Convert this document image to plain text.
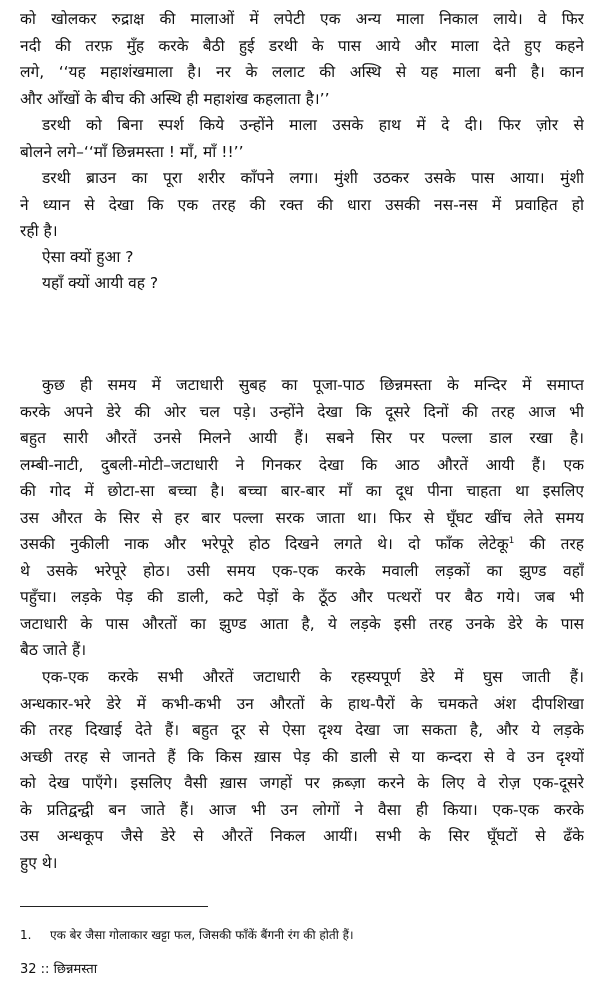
को खोलकर रुद्राक्ष की मालाओं में लपेटी एक अन्य माला निकाल लाये। वे फिर
नदी की तरफ़ मुँह करके बैठी हुई डरथी के पास आये और माला देते हुए कहने
लगे, ‘‘यह महाशंखमाला है। नर के ललाट की अस्थि से यह माला बनी है। कान
और आँखों के बीच की अस्थि ही महाशंख कहलाता है।’’
डरथी को बिना स्पर्श किये उन्होंने माला उसके हाथ में दे दी। फिर ज़ोर से
बोलने लगे–‘‘माँ छिन्नमस्ता ! माँ, माँ !!’’
डरथी ब्राउन का पूरा शरीर काँपने लगा। मुंशी उठकर उसके पास आया। मुंशी
ने ध्यान से देखा कि एक तरह की रक्त की धारा उसकी नस-नस में प्रवाहित हो
रही है।
ऐसा क्यों हुआ ?
यहाँ क्यों आयी वह ?
कुछ ही समय में जटाधारी सुबह का पूजा-पाठ छिन्नमस्ता के मन्दिर में समाप्त
करके अपने डेरे की ओर चल पड़े। उन्होंने देखा कि दूसरे दिनों की तरह आज भी
बहुत सारी औरतें उनसे मिलने आयी हैं। सबने सिर पर पल्ला डाल रखा है।
लम्बी-नाटी, दुबली-मोटी–जटाधारी ने गिनकर देखा कि आठ औरतें आयी हैं। एक
की गोद में छोटा-सा बच्चा है। बच्चा बार-बार माँ का दूध पीना चाहता था इसलिए
उस औरत के सिर से हर बार पल्ला सरक जाता था। फिर से घूँघट खींच लेते समय
उसकी नुकीली नाक और भरेपूरे होठ दिखने लगते थे। दो फाँक लेटेकू$^1$ की तरह
थे उसके भरेपूरे होठ। उसी समय एक-एक करके मवाली लड़कों का झुण्ड वहाँ
पहुँचा। लड़के पेड़ की डाली, कटे पेड़ों के ठूँठ और पत्थरों पर बैठ गये। जब भी
जटाधारी के पास औरतों का झुण्ड आता है, ये लड़के इसी तरह उनके डेरे के पास
बैठ जाते हैं।
एक-एक करके सभी औरतें जटाधारी के रहस्यपूर्ण डेरे में घुस जाती हैं।
अन्धकार-भरे डेरे में कभी-कभी उन औरतों के हाथ-पैरों के चमकते अंश दीपशिखा
की तरह दिखाई देते हैं। बहुत दूर से ऐसा दृश्य देखा जा सकता है, और ये लड़के
अच्छी तरह से जानते हैं कि किस ख़ास पेड़ की डाली से या कन्दरा से वे उन दृश्यों
को देख पाएँगे। इसलिए वैसी ख़ास जगहों पर क़ब्ज़ा करने के लिए वे रोज़ एक-दूसरे
के प्रतिद्वन्द्वी बन जाते हैं। आज भी उन लोगों ने वैसा ही किया। एक-एक करके
उस अन्धकूप जैसे डेरे से औरतें निकल आयीं। सभी के सिर घूँघटों से ढँके
हुए थे।
1. एक बेर जैसा गोलाकार खट्टा फल, जिसकी फाँकें बैंगनी रंग की होती हैं।
32 :: छिन्नमस्ता
